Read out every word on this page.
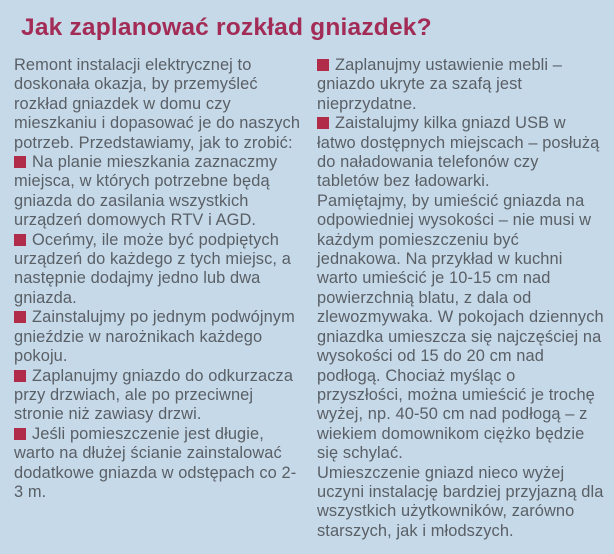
Jak zaplanować rozkład gniazdek?

Remont instalacji elektrycznej to doskonała okazja, by przemyśleć rozkład gniazdek w domu czy mieszkaniu i dopasować je do naszych potrzeb. Przedstawiamy, jak to zrobić:

Na planie mieszkania zaznaczmy miejsca, w których potrzebne będą gniazda do zasilania wszystkich urządzeń domowych RTV i AGD.

Oceńmy, ile może być podpiętych urządzeń do każdego z tych miejsc, a następnie dodajmy jedno lub dwa gniazda.

Zainstalujmy po jednym podwójnym gnieździe w narożnikach każdego pokoju.

Zaplanujmy gniazdo do odkurzacza przy drzwiach, ale po przeciwnej stronie niż zawiasy drzwi.

Jeśli pomieszczenie jest długie, warto na dłużej ścianie zainstalować dodatkowe gniazda w odstępach co 2-3 m.

Zaplanujmy ustawienie mebli – gniazdo ukryte za szafą jest nieprzydatne.

Zaistalujmy kilka gniazd USB w łatwo dostępnych miejscach – posłużą do naładowania telefonów czy tabletów bez ładowarki.

Pamiętajmy, by umieścić gniazda na odpowiedniej wysokości – nie musi w każdym pomieszczeniu być jednakowa. Na przykład w kuchni warto umieścić je 10-15 cm nad powierzchnią blatu, z dala od zlewozmywaka. W pokojach dziennych gniazdka umieszcza się najczęściej na wysokości od 15 do 20 cm nad podłogą. Chociaż myśląc o przyszłości, można umieścić je trochę wyżej, np. 40-50 cm nad podłogą – z wiekiem domownikom ciężko będzie się schylać.

Umieszczenie gniazd nieco wyżej uczyni instalację bardziej przyjazną dla wszystkich użytkowników, zarówno starszych, jak i młodszych.
